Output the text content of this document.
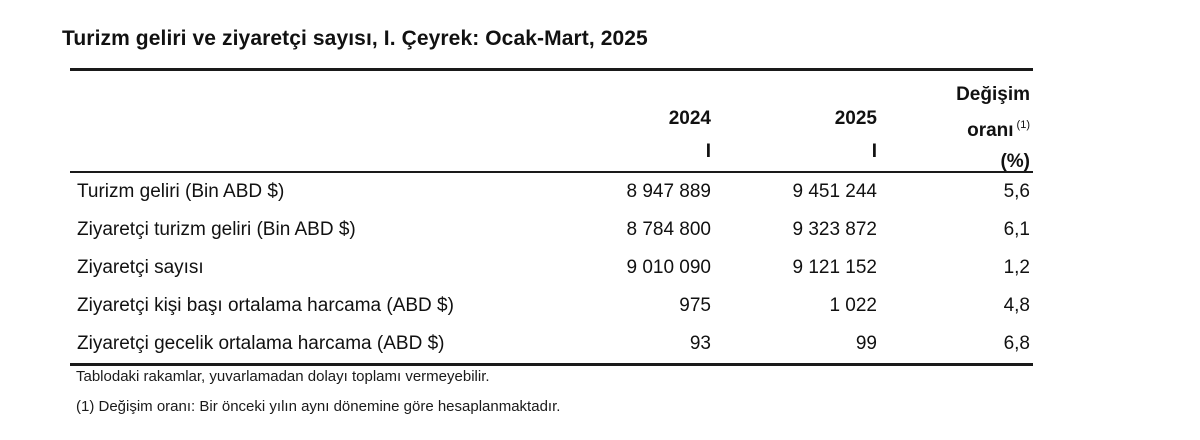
Turizm geliri ve ziyaretçi sayısı, I. Çeyrek: Ocak-Mart, 2025
2024	2025
I	I
Değişim
oranı $^{(1)}$
(%)
Turizm geliri (Bin ABD $)	8 947 889	9 451 244	5,6
Ziyaretçi turizm geliri (Bin ABD $)	8 784 800	9 323 872	6,1
Ziyaretçi sayısı	9 010 090	9 121 152	1,2
Ziyaretçi kişi başı ortalama harcama (ABD $)	975	1 022	4,8
Ziyaretçi gecelik ortalama harcama (ABD $)	93	99	6,8
Tablodaki rakamlar, yuvarlamadan dolayı toplamı vermeyebilir.
(1) Değişim oranı: Bir önceki yılın aynı dönemine göre hesaplanmaktadır.
